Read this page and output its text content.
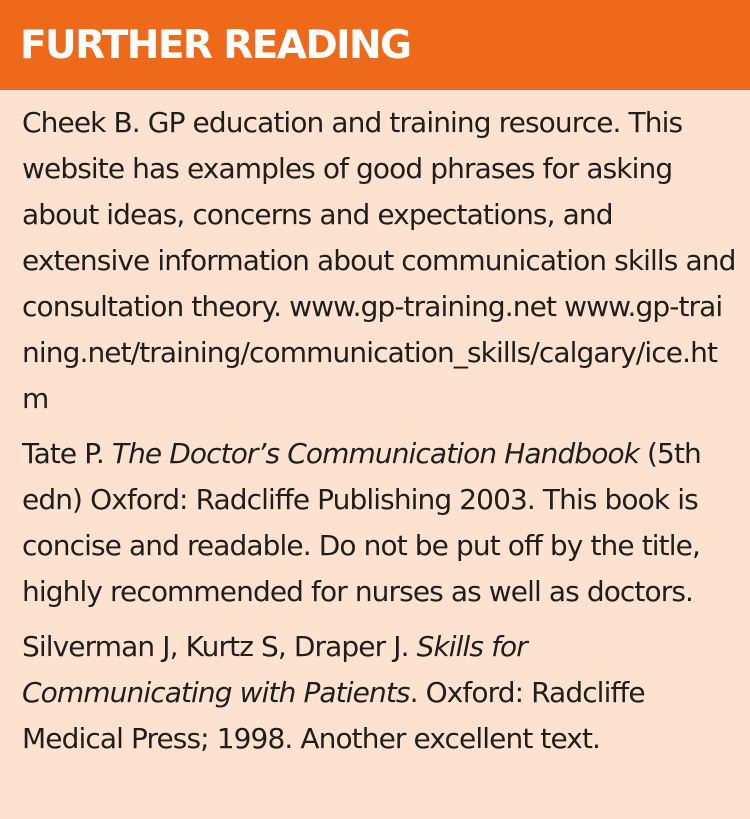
FURTHER READING

Cheek B. GP education and training resource. This website has examples of good phrases for asking about ideas, concerns and expectations, and extensive information about communication skills and consultation theory. www.gp-training.net www.gp-training.net/training/communication_skills/calgary/ice.htm

Tate P. The Doctor’s Communication Handbook (5th edn) Oxford: Radcliffe Publishing 2003. This book is concise and readable. Do not be put off by the title, highly recommended for nurses as well as doctors.

Silverman J, Kurtz S, Draper J. Skills for Communicating with Patients. Oxford: Radcliffe Medical Press; 1998. Another excellent text.
